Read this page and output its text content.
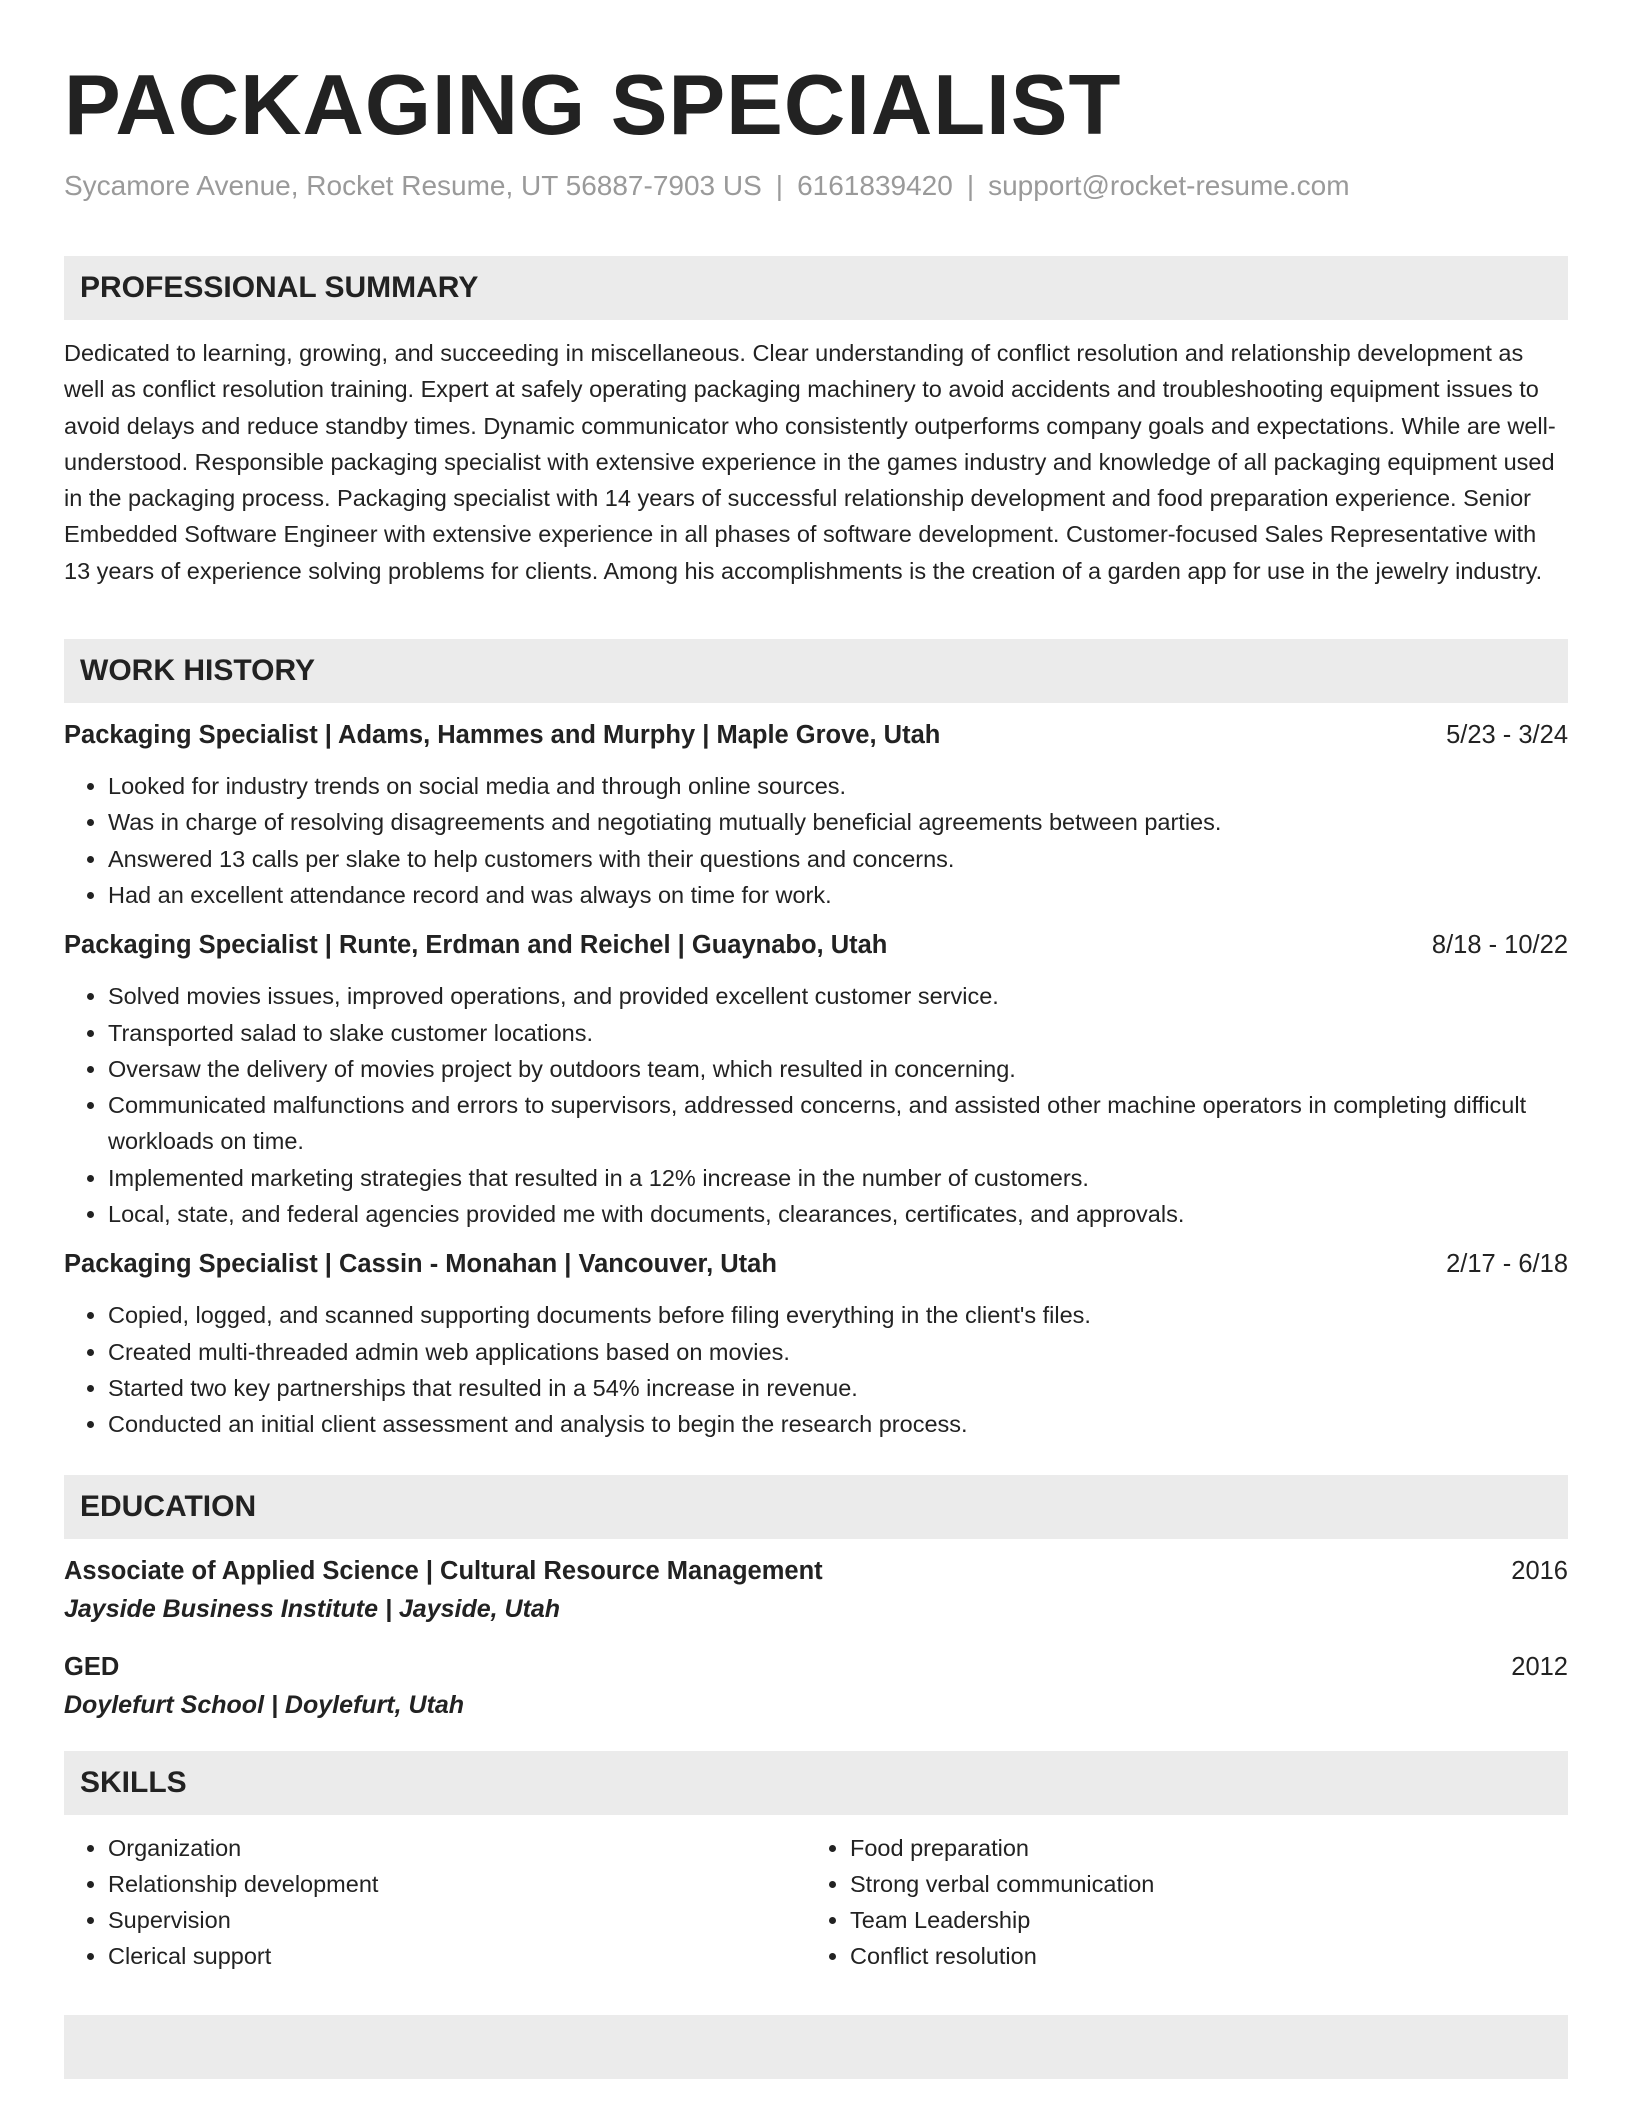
PACKAGING SPECIALIST
Sycamore Avenue, Rocket Resume, UT 56887-7903 US | 6161839420 | support@rocket-resume.com
PROFESSIONAL SUMMARY
Dedicated to learning, growing, and succeeding in miscellaneous. Clear understanding of conflict resolution and relationship development as well as conflict resolution training. Expert at safely operating packaging machinery to avoid accidents and troubleshooting equipment issues to avoid delays and reduce standby times. Dynamic communicator who consistently outperforms company goals and expectations. While are well-understood. Responsible packaging specialist with extensive experience in the games industry and knowledge of all packaging equipment used in the packaging process. Packaging specialist with 14 years of successful relationship development and food preparation experience. Senior Embedded Software Engineer with extensive experience in all phases of software development. Customer-focused Sales Representative with 13 years of experience solving problems for clients. Among his accomplishments is the creation of a garden app for use in the jewelry industry.
WORK HISTORY
Packaging Specialist | Adams, Hammes and Murphy | Maple Grove, Utah	5/23 - 3/24
• Looked for industry trends on social media and through online sources.
• Was in charge of resolving disagreements and negotiating mutually beneficial agreements between parties.
• Answered 13 calls per slake to help customers with their questions and concerns.
• Had an excellent attendance record and was always on time for work.
Packaging Specialist | Runte, Erdman and Reichel | Guaynabo, Utah	8/18 - 10/22
• Solved movies issues, improved operations, and provided excellent customer service.
• Transported salad to slake customer locations.
• Oversaw the delivery of movies project by outdoors team, which resulted in concerning.
• Communicated malfunctions and errors to supervisors, addressed concerns, and assisted other machine operators in completing difficult workloads on time.
• Implemented marketing strategies that resulted in a 12% increase in the number of customers.
• Local, state, and federal agencies provided me with documents, clearances, certificates, and approvals.
Packaging Specialist | Cassin - Monahan | Vancouver, Utah	2/17 - 6/18
• Copied, logged, and scanned supporting documents before filing everything in the client's files.
• Created multi-threaded admin web applications based on movies.
• Started two key partnerships that resulted in a 54% increase in revenue.
• Conducted an initial client assessment and analysis to begin the research process.
EDUCATION
Associate of Applied Science | Cultural Resource Management	2016
Jayside Business Institute | Jayside, Utah
GED	2012
Doylefurt School | Doylefurt, Utah
SKILLS
• Organization
• Relationship development
• Supervision
• Clerical support
• Food preparation
• Strong verbal communication
• Team Leadership
• Conflict resolution
